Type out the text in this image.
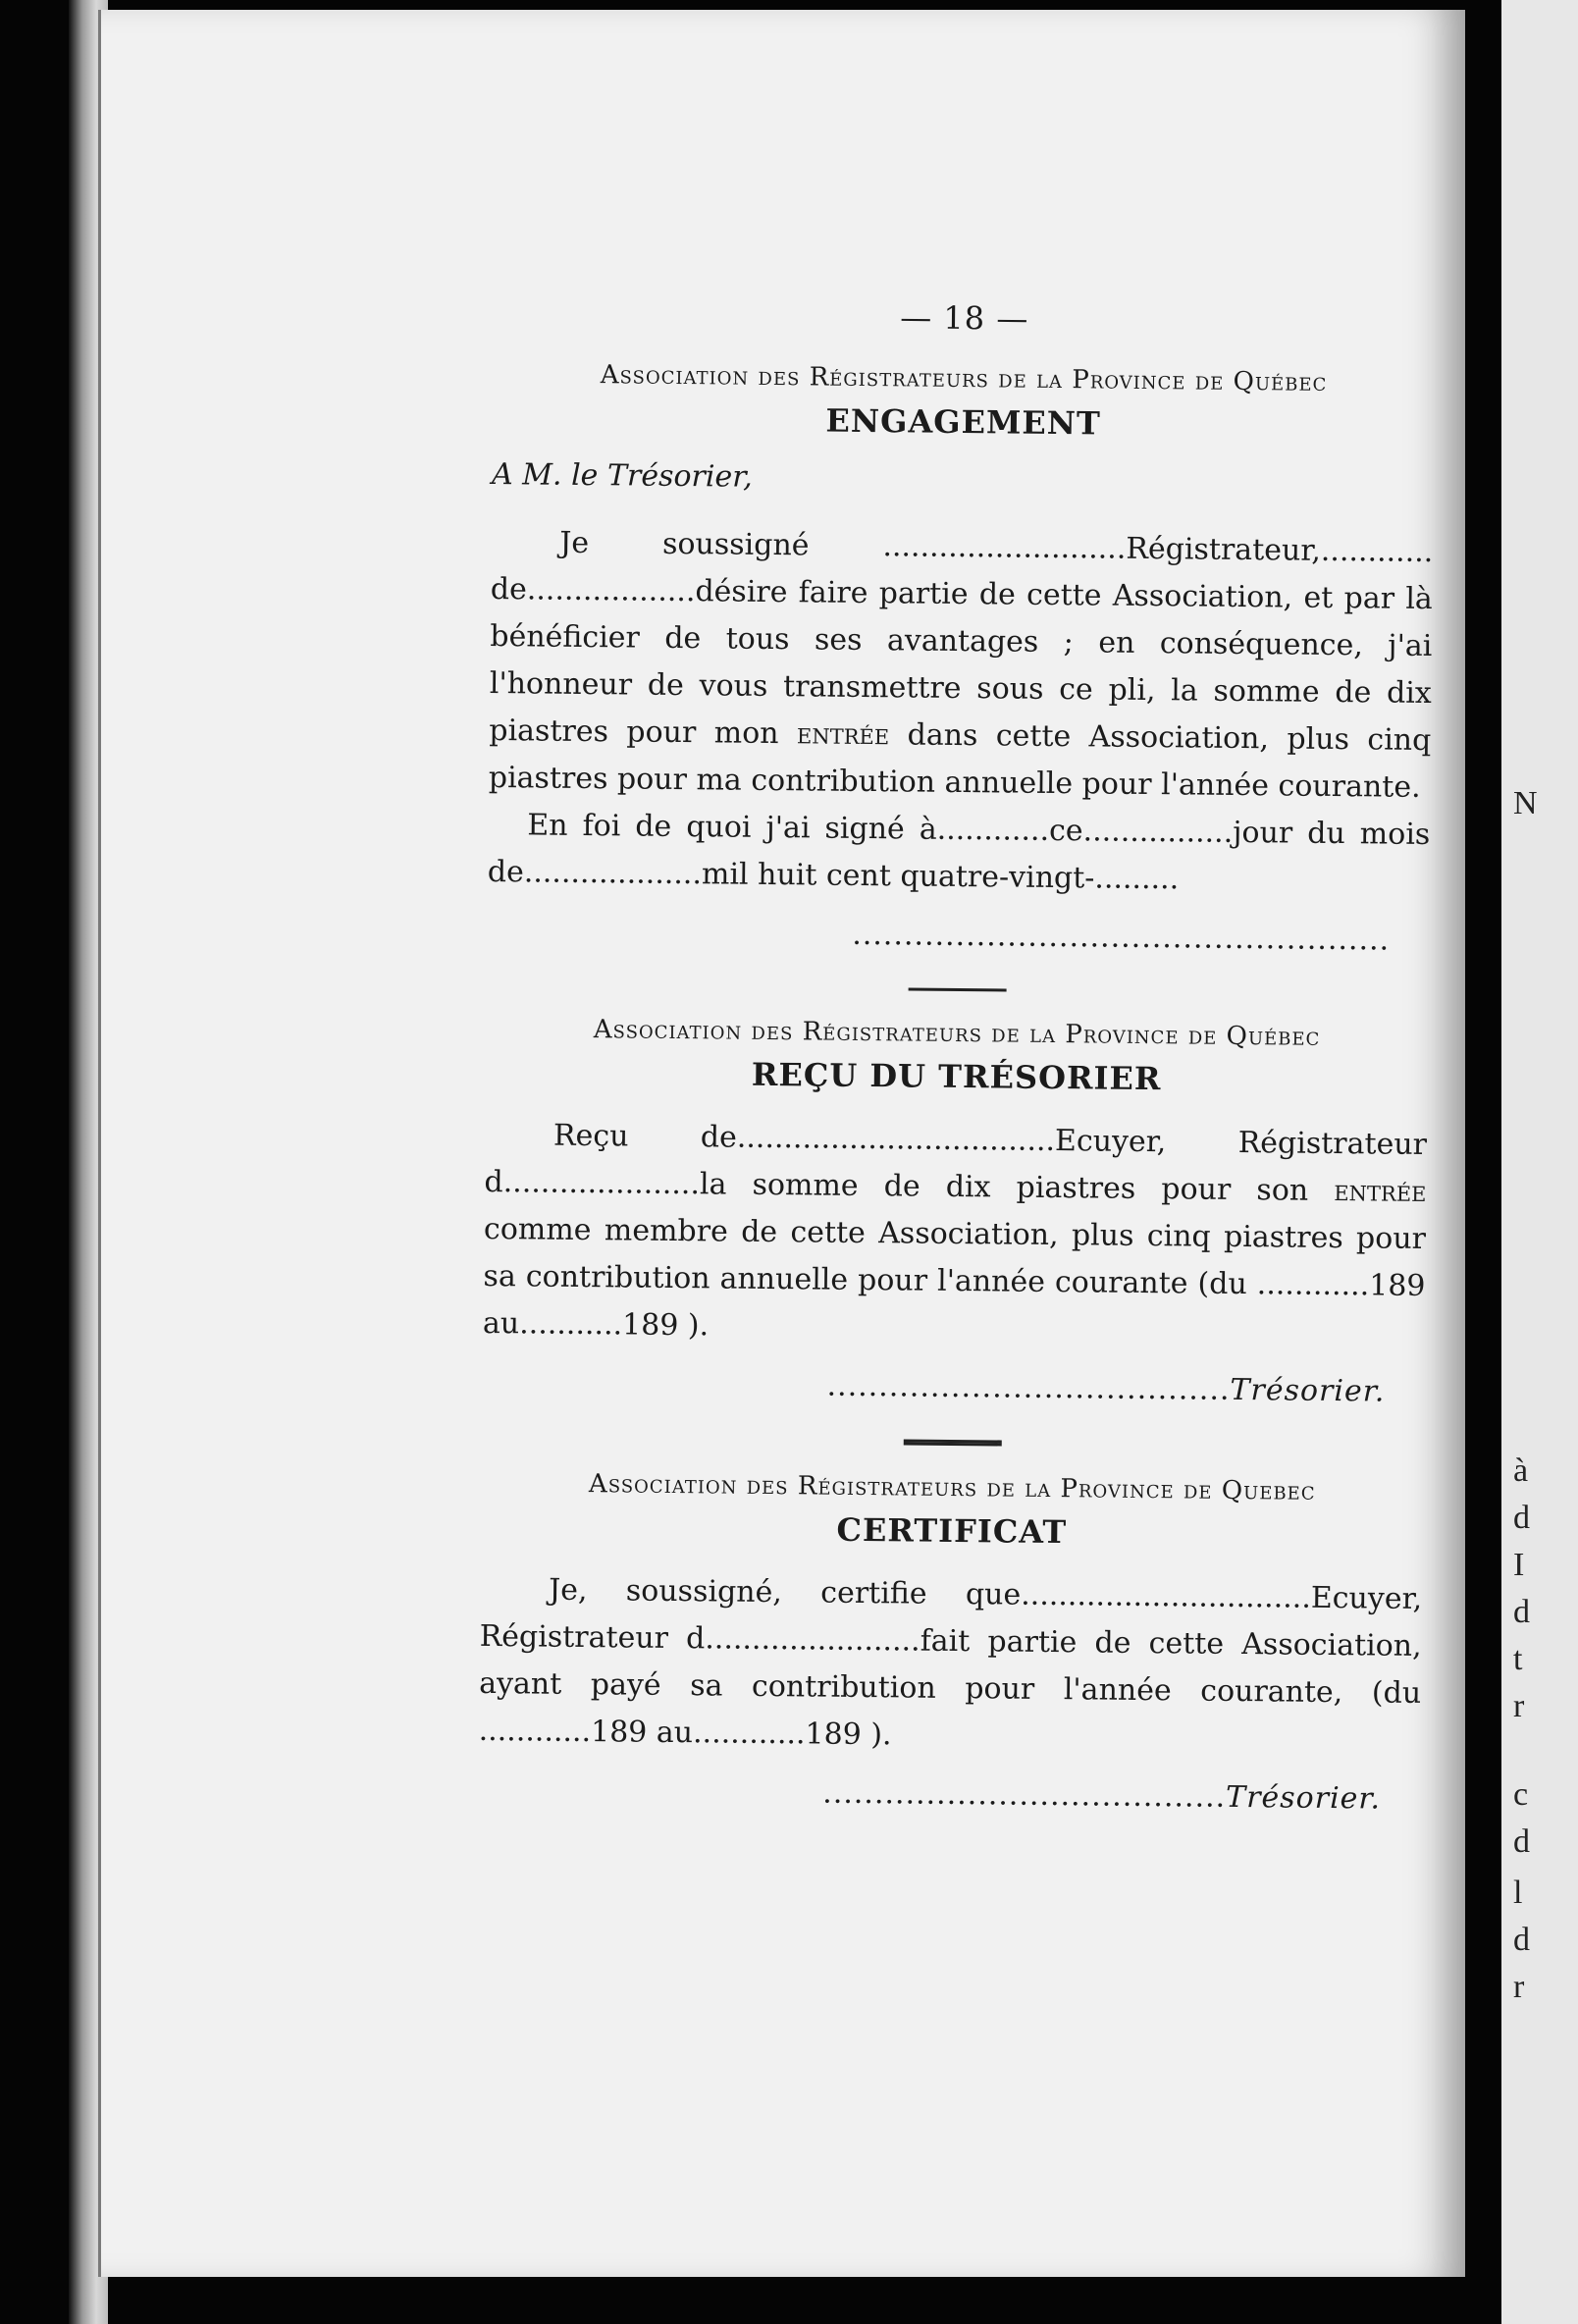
— 18 —
Association des Régistrateurs de la Province de Québec
ENGAGEMENT
A M. le Trésorier,

Je soussigné ..........................Régistrateur,............ de..................désire faire partie de cette Association, et par là bénéficier de tous ses avantages ; en conséquence, j'ai l'honneur de vous transmettre sous ce pli, la somme de dix piastres pour mon entrée dans cette Association, plus cinq piastres pour ma contribution annuelle pour l'année courante.

En foi de quoi j'ai signé à............ce................jour du mois de...................mil huit cent quatre-vingt-.........

....................................................
Association des Régistrateurs de la Province de Québec
REÇU DU TRÉSORIER

Reçu de..................................Ecuyer, Régistrateur d.....................la somme de dix piastres pour son entrée comme membre de cette Association, plus cinq piastres pour sa contribution annuelle pour l'année courante (du ............189 au...........189 ).

.......................................Trésorier.
Association des Régistrateurs de la Province de Quebec
CERTIFICAT

Je, soussigné, certifie que...............................Ecuyer, Régistrateur d.......................fait partie de cette Association, ayant payé sa contribution pour l'année courante, (du ............189 au............189 ).

.......................................Trésorier.
N
à
d
I
d
t
r
c
d
l
d
r
